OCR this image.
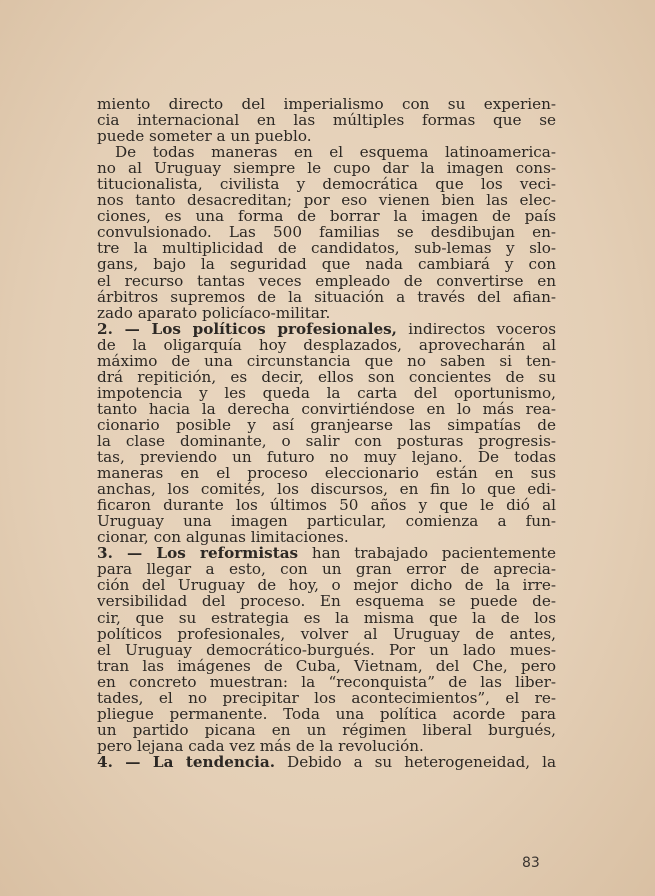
miento directo del imperialismo con su experien-
cia internacional en las múltiples formas que se
puede someter a un pueblo.
De todas maneras en el esquema latinoamerica-
no al Uruguay siempre le cupo dar la imagen cons-
titucionalista, civilista y democrática que los veci-
nos tanto desacreditan; por eso vienen bien las elec-
ciones, es una forma de borrar la imagen de país
convulsionado. Las 500 familias se desdibujan en-
tre la multiplicidad de candidatos, sub-lemas y slo-
gans, bajo la seguridad que nada cambiará y con
el recurso tantas veces empleado de convertirse en
árbitros supremos de la situación a través del afian-
zado aparato policíaco-militar.
2. — Los políticos profesionales, indirectos voceros
de la oligarquía hoy desplazados, aprovecharán al
máximo de una circunstancia que no saben si ten-
drá repitición, es decir, ellos son concientes de su
impotencia y les queda la carta del oportunismo,
tanto hacia la derecha convirtiéndose en lo más rea-
cionario posible y así granjearse las simpatías de
la clase dominante, o salir con posturas progresis-
tas, previendo un futuro no muy lejano. De todas
maneras en el proceso eleccionario están en sus
anchas, los comités, los discursos, en fin lo que edi-
ficaron durante los últimos 50 años y que le dió al
Uruguay una imagen particular, comienza a fun-
cionar, con algunas limitaciones.
3. — Los reformistas han trabajado pacientemente
para llegar a esto, con un gran error de aprecia-
ción del Uruguay de hoy, o mejor dicho de la irre-
versibilidad del proceso. En esquema se puede de-
cir, que su estrategia es la misma que la de los
políticos profesionales, volver al Uruguay de antes,
el Uruguay democrático-burgués. Por un lado mues-
tran las imágenes de Cuba, Vietnam, del Che, pero
en concreto muestran: la “reconquista” de las liber-
tades, el no precipitar los acontecimientos”, el re-
pliegue permanente. Toda una política acorde para
un partido picana en un régimen liberal burgués,
pero lejana cada vez más de la revolución.
4. — La tendencia. Debido a su heterogeneidad, la
83
